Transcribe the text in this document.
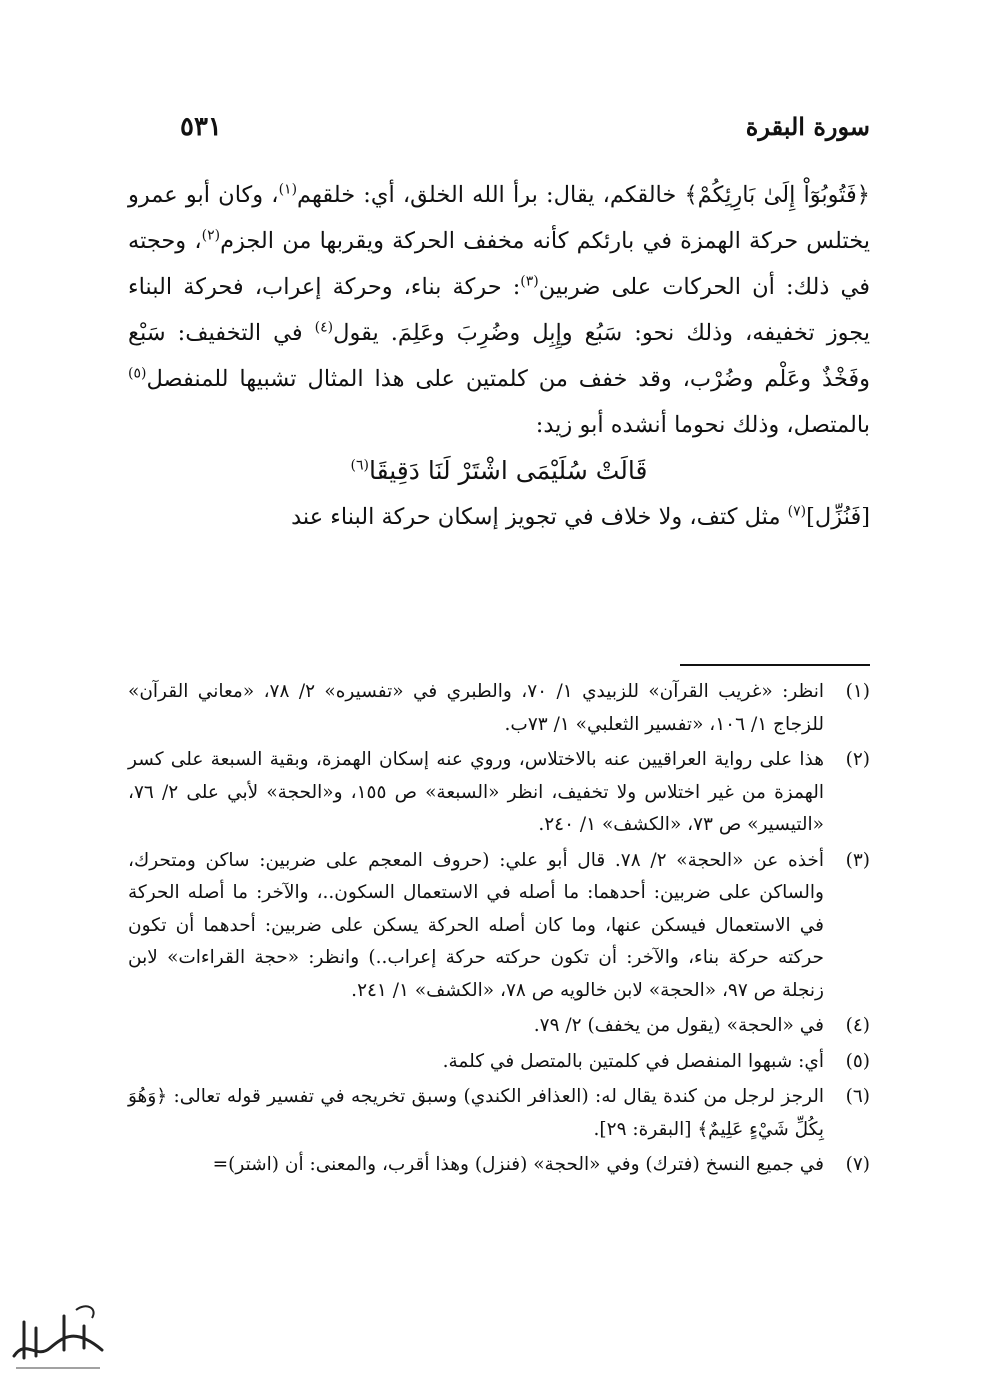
سورة البقرة
٥٣١

﴿فَتُوبُوٓاْ إِلَىٰ بَارِئِكُمْ﴾ خالقكم، يقال: برأ الله الخلق، أي: خلقهم$^{(١)}$، وكان أبو عمرو يختلس حركة الهمزة في بارئكم كأنه مخفف الحركة ويقربها من الجزم$^{(٢)}$، وحجته في ذلك: أن الحركات على ضربين$^{(٣)}$: حركة بناء، وحركة إعراب، فحركة البناء يجوز تخفيفه، وذلك نحو: سَبُع وإِبِل وضُرِبَ وعَلِمَ. يقول$^{(٤)}$ في التخفيف: سَبْع وفَخْذٌ وعَلْم وضُرْب، وقد خفف من كلمتين على هذا المثال تشبيها للمنفصل$^{(٥)}$ بالمتصل، وذلك نحوما أنشده أبو زيد:

قَالَتْ سُلَيْمَى اشْتَرْ لَنَا دَقِيقَا$^{(٦)}$

[فَنُزِّل]$^{(٧)}$ مثل كتف، ولا خلاف في تجويز إسكان حركة البناء عند

(١)
انظر: «غريب القرآن» للزبيدي ١/ ٧٠، والطبري في «تفسيره» ٢/ ٧٨، «معاني القرآن» للزجاج ١/ ١٠٦، «تفسير الثعلبي» ١/ ٧٣ب.
(٢)
هذا على رواية العراقيين عنه بالاختلاس، وروي عنه إسكان الهمزة، وبقية السبعة على كسر الهمزة من غير اختلاس ولا تخفيف، انظر «السبعة» ص ١٥٥، و«الحجة» لأبي على ٢/ ٧٦، «التيسير» ص ٧٣، «الكشف» ١/ ٢٤٠.
(٣)
أخذه عن «الحجة» ٢/ ٧٨. قال أبو علي: (حروف المعجم على ضربين: ساكن ومتحرك، والساكن على ضربين: أحدهما: ما أصله في الاستعمال السكون..، والآخر: ما أصله الحركة في الاستعمال فيسكن عنها، وما كان أصله الحركة يسكن على ضربين: أحدهما أن تكون حركته حركة بناء، والآخر: أن تكون حركته حركة إعراب..) وانظر: «حجة القراءات» لابن زنجلة ص ٩٧، «الحجة» لابن خالويه ص ٧٨، «الكشف» ١/ ٢٤١.
(٤)
في «الحجة» (يقول من يخفف) ٢/ ٧٩.
(٥)
أي: شبهوا المنفصل في كلمتين بالمتصل في كلمة.
(٦)
الرجز لرجل من كندة يقال له: (العذافر الكندي) وسبق تخريجه في تفسير قوله تعالى: ﴿وَهُوَ بِكُلِّ شَيْءٍ عَلِيمٌ﴾ [البقرة: ٢٩].
(٧)
في جميع النسخ (فترك) وفي «الحجة» (فنزل) وهذا أقرب، والمعنى: أن (اشتر)=
